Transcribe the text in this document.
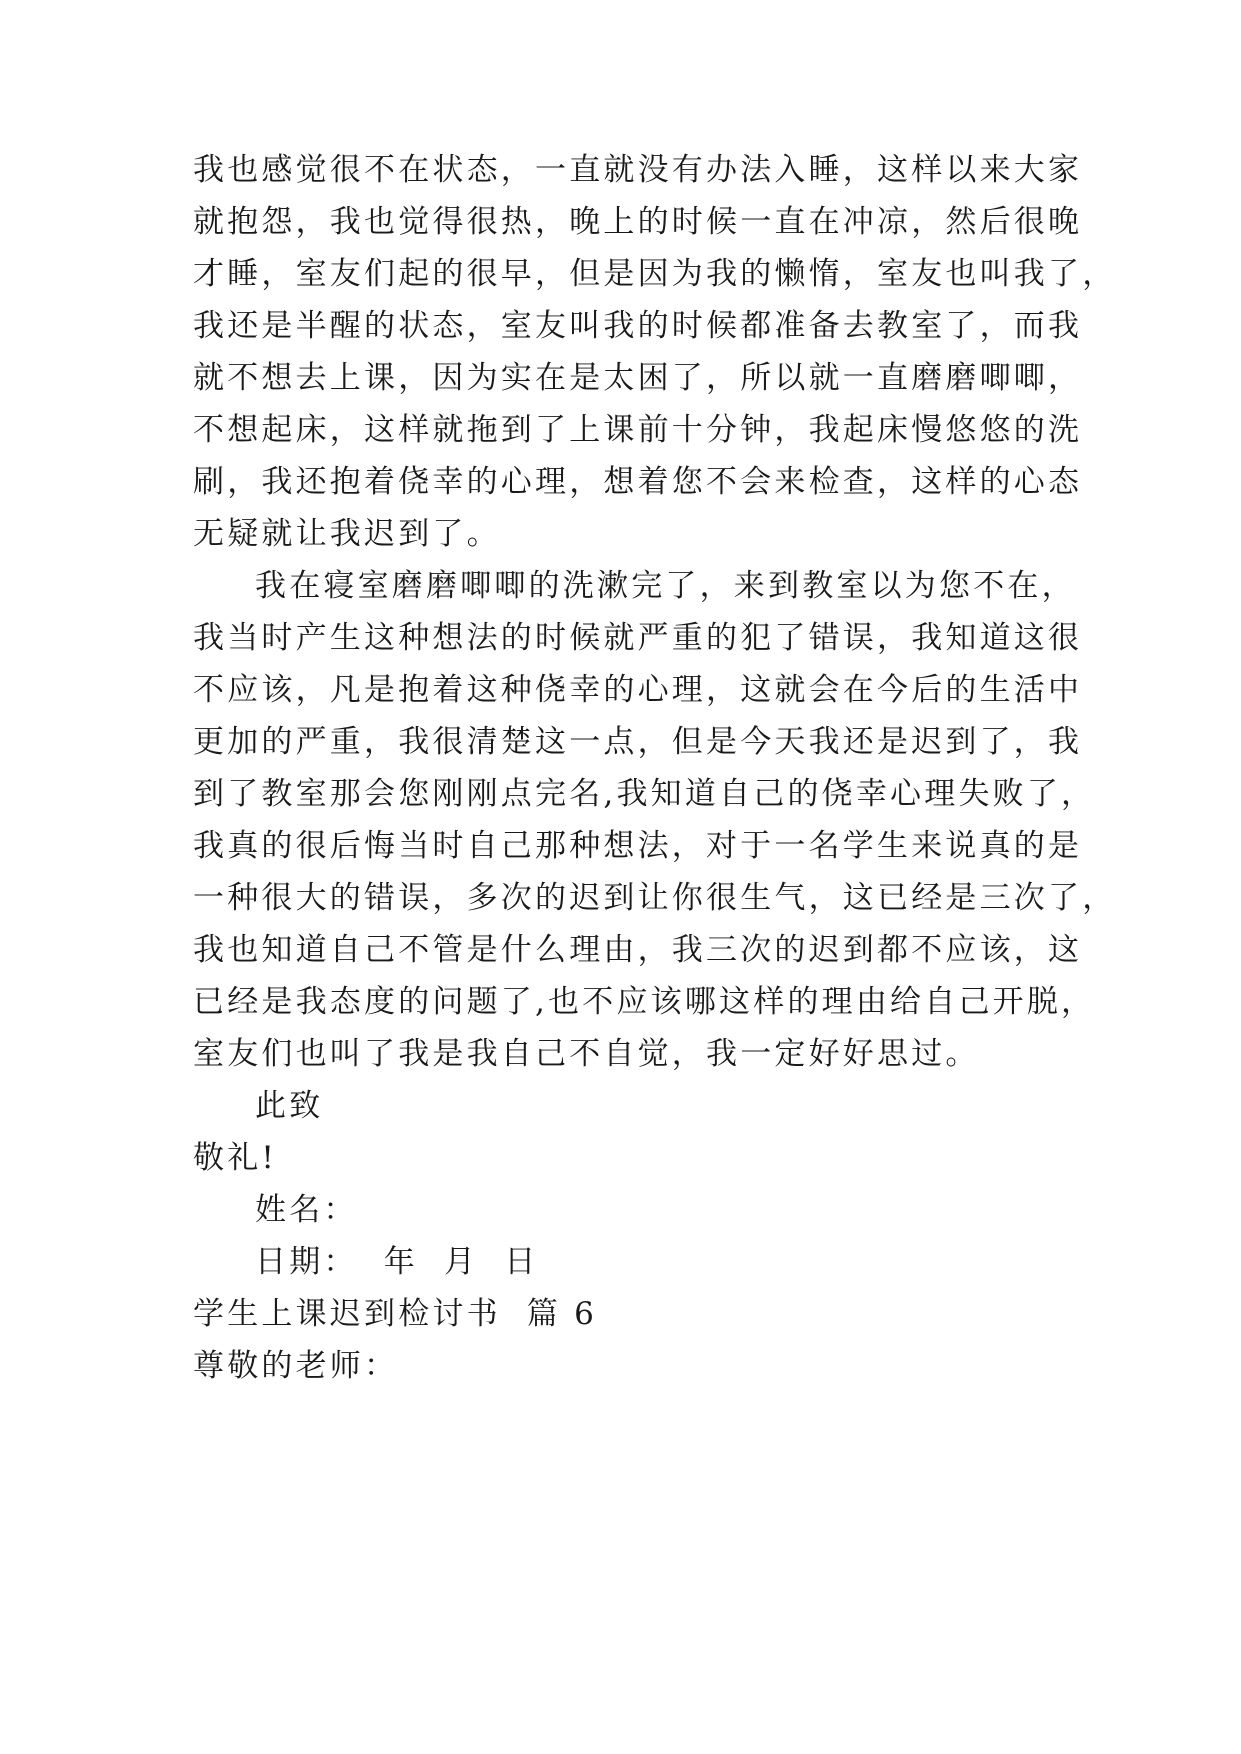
我也感觉很不在状态，一直就没有办法入睡，这样以来大家
就抱怨，我也觉得很热，晚上的时候一直在冲凉，然后很晚
才睡，室友们起的很早，但是因为我的懒惰，室友也叫我了，
我还是半醒的状态，室友叫我的时候都准备去教室了，而我
就不想去上课，因为实在是太困了，所以就一直磨磨唧唧，
不想起床，这样就拖到了上课前十分钟，我起床慢悠悠的洗
刷，我还抱着侥幸的心理，想着您不会来检查，这样的心态
无疑就让我迟到了。
我在寝室磨磨唧唧的洗漱完了，来到教室以为您不在，
我当时产生这种想法的时候就严重的犯了错误，我知道这很
不应该，凡是抱着这种侥幸的心理，这就会在今后的生活中
更加的严重，我很清楚这一点，但是今天我还是迟到了，我
到了教室那会您刚刚点完名,我知道自己的侥幸心理失败了，
我真的很后悔当时自己那种想法，对于一名学生来说真的是
一种很大的错误，多次的迟到让你很生气，这已经是三次了，
我也知道自己不管是什么理由，我三次的迟到都不应该，这
已经是我态度的问题了,也不应该哪这样的理由给自己开脱，
室友们也叫了我是我自己不自觉，我一定好好思过。
此致
敬礼!
姓名：
日期：  年  月  日
学生上课迟到检讨书  篇 6
尊敬的老师：
